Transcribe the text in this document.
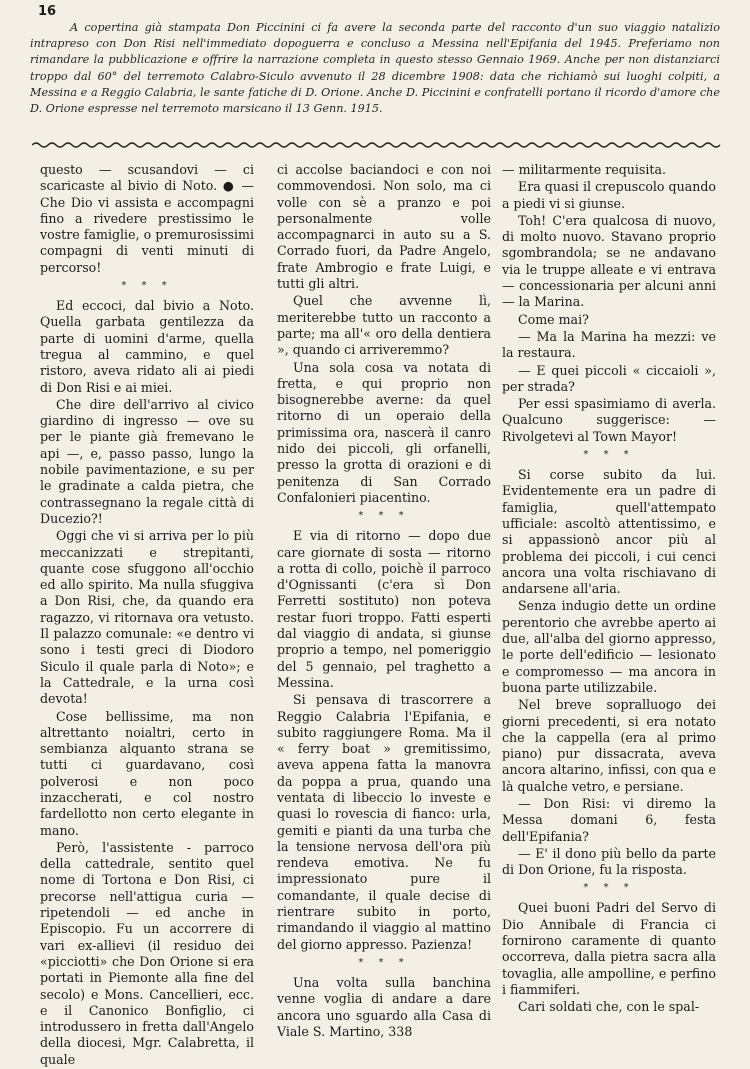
16
A copertina già stampata Don Piccinini ci fa avere la seconda parte del racconto d'un suo viaggio natalizio intrapreso con Don Risi nell'immediato dopoguerra e concluso a Messina nell'Epifania del 1945. Preferiamo non rimandare la pubblicazione e offrire la narrazione completa in questo stesso Gennaio 1969. Anche per non distanziarci troppo dal 60° del terremoto Calabro-Siculo avvenuto il 28 dicembre 1908: data che richiamò sui luoghi colpiti, a Messina e a Reggio Calabria, le sante fatiche di D. Orione. Anche D. Piccinini e confratelli portano il ricordo d'amore che D. Orione espresse nel terremoto marsicano il 13 Genn. 1915.

questo — scusandovi — ci scaricaste al bivio di Noto. ● — Che Dio vi assista e accompagni fino a rivedere prestissimo le vostre famiglie, o premurosissimi compagni di venti minuti di percorso!

* * *

Ed eccoci, dal bivio a Noto. Quella garbata gentilezza da parte di uomini d'arme, quella tregua al cammino, e quel ristoro, aveva ridato ali ai piedi di Don Risi e ai miei.

Che dire dell'arrivo al civico giardino di ingresso — ove su per le piante già fremevano le api —, e, passo passo, lungo la nobile pavimentazione, e su per le gradinate a calda pietra, che contrassegnano la regale città di Ducezio?!

Oggi che vi si arriva per lo più meccanizzati e strepitanti, quante cose sfuggono all'occhio ed allo spirito. Ma nulla sfuggiva a Don Risi, che, da quando era ragazzo, vi ritornava ora vetusto. Il palazzo comunale: «e dentro vi sono i testi greci di Diodoro Siculo il quale parla di Noto»; e la Cattedrale, e la urna così devota!

Cose bellissime, ma non altrettanto noialtri, certo in sembianza alquanto strana se tutti ci guardavano, così polverosi e non poco inzaccherati, e col nostro fardellotto non certo elegante in mano.

Però, l'assistente - parroco della cattedrale, sentito quel nome di Tortona e Don Risi, ci precorse nell'attigua curia — ripetendoli — ed anche in Episcopio. Fu un accorrere di vari ex-allievi (il residuo dei «picciotti» che Don Orione si era portati in Piemonte alla fine del secolo) e Mons. Cancellieri, ecc. e il Canonico Bonfiglio, ci introdussero in fretta dall'Angelo della diocesi, Mgr. Calabretta, il quale

ci accolse baciandoci e con noi commovendosi. Non solo, ma ci volle con sè a pranzo e poi personalmente volle accompagnarci in auto su a S. Corrado fuori, da Padre Angelo, frate Ambrogio e frate Luigi, e tutti gli altri.

Quel che avvenne lì, meriterebbe tutto un racconto a parte; ma all'« oro della dentiera », quando ci arriveremmo?

Una sola cosa va notata di fretta, e qui proprio non bisognerebbe averne: da quel ritorno di un operaio della primissima ora, nascerà il canro nido dei piccoli, gli orfanelli, presso la grotta di orazioni e di penitenza di San Corrado Confalonieri piacentino.

* * *

E via di ritorno — dopo due care giornate di sosta — ritorno a rotta di collo, poichè il parroco d'Ognissanti (c'era sì Don Ferretti sostituto) non poteva restar fuori troppo. Fatti esperti dal viaggio di andata, si giunse proprio a tempo, nel pomeriggio del 5 gennaio, pel traghetto a Messina.

Si pensava di trascorrere a Reggio Calabria l'Epifania, e subito raggiungere Roma. Ma il « ferry boat » gremitissimo, aveva appena fatta la manovra da poppa a prua, quando una ventata di libeccio lo investe e quasi lo rovescia di fianco: urla, gemiti e pianti da una turba che la tensione nervosa dell'ora più rendeva emotiva. Ne fu impressionato pure il comandante, il quale decise di rientrare subito in porto, rimandando il viaggio al mattino del giorno appresso. Pazienza!

* * *

Una volta sulla banchina venne voglia di andare a dare ancora uno sguardo alla Casa di Viale S. Martino, 338

— militarmente requisita.

Era quasi il crepuscolo quando a piedi vi si giunse.

Toh! C'era qualcosa di nuovo, di molto nuovo. Stavano proprio sgombrandola; se ne andavano via le truppe alleate e vi entrava — concessionaria per alcuni anni — la Marina.

Come mai?

— Ma la Marina ha mezzi: ve la restaura.

— E quei piccoli « ciccaioli », per strada?

Per essi spasimiamo di averla. Qualcuno suggerisce: — Rivolgetevi al Town Mayor!

* * *

Si corse subito da lui. Evidentemente era un padre di famiglia, quell'attempato ufficiale: ascoltò attentissimo, e si appassionò ancor più al problema dei piccoli, i cui cenci ancora una volta rischiavano di andarsene all'aria.

Senza indugio dette un ordine perentorio che avrebbe aperto ai due, all'alba del giorno appresso, le porte dell'edificio — lesionato e compromesso — ma ancora in buona parte utilizzabile.

Nel breve sopralluogo dei giorni precedenti, si era notato che la cappella (era al primo piano) pur dissacrata, aveva ancora altarino, infissi, con qua e là qualche vetro, e persiane.

— Don Risi: vi diremo la Messa domani 6, festa dell'Epifania?

— E' il dono più bello da parte di Don Orione, fu la risposta.

* * *

Quei buoni Padri del Servo di Dio Annibale di Francia ci fornirono caramente di quanto occorreva, dalla pietra sacra alla tovaglia, alle ampolline, e perfino i fiammiferi.

Cari soldati che, con le spal-
